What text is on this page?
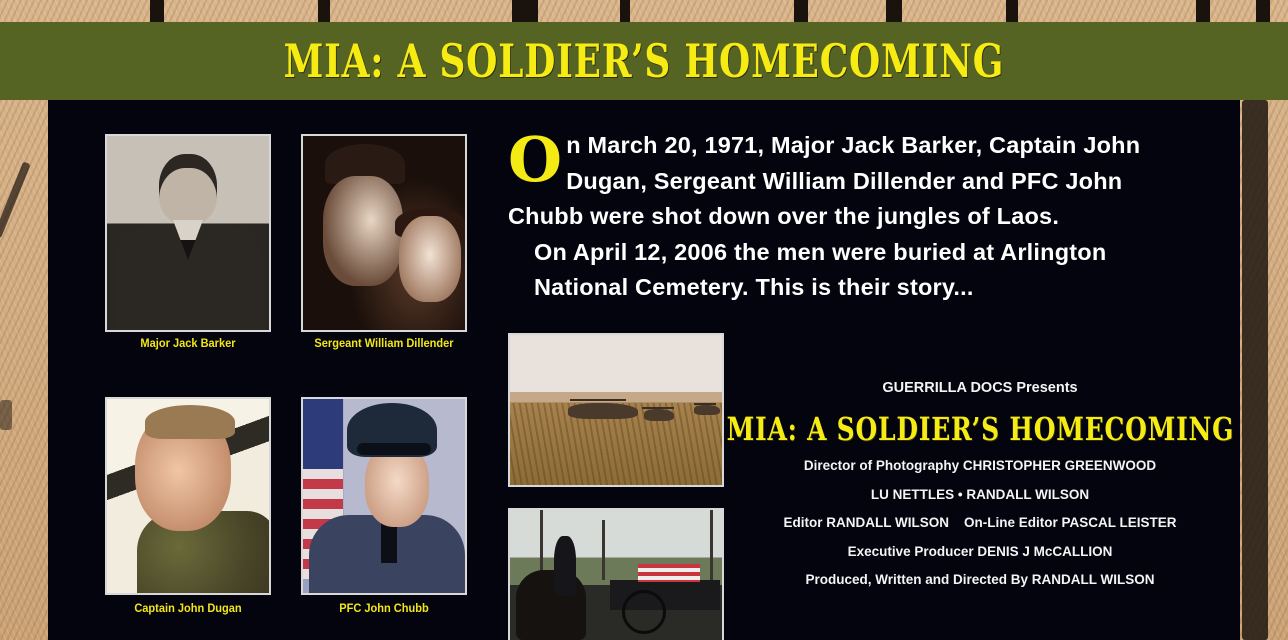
MIA: A SOLDIER’S HOMECOMING
Major Jack Barker	Sergeant William Dillender
Captain John Dugan	PFC John Chubb

O n March 20, 1971, Major Jack Barker, Captain John Dugan, Sergeant William Dillender and PFC John Chubb were shot down over the jungles of Laos.

On April 12, 2006 the men were buried at Arlington National Cemetery. This is their story...

GUERRILLA DOCS Presents
MIA: A SOLDIER’S HOMECOMING
Director of Photography CHRISTOPHER GREENWOOD
LU NETTLES • RANDALL WILSON
Editor RANDALL WILSON    On-Line Editor PASCAL LEISTER
Executive Producer DENIS J McCALLION
Produced, Written and Directed By RANDALL WILSON
